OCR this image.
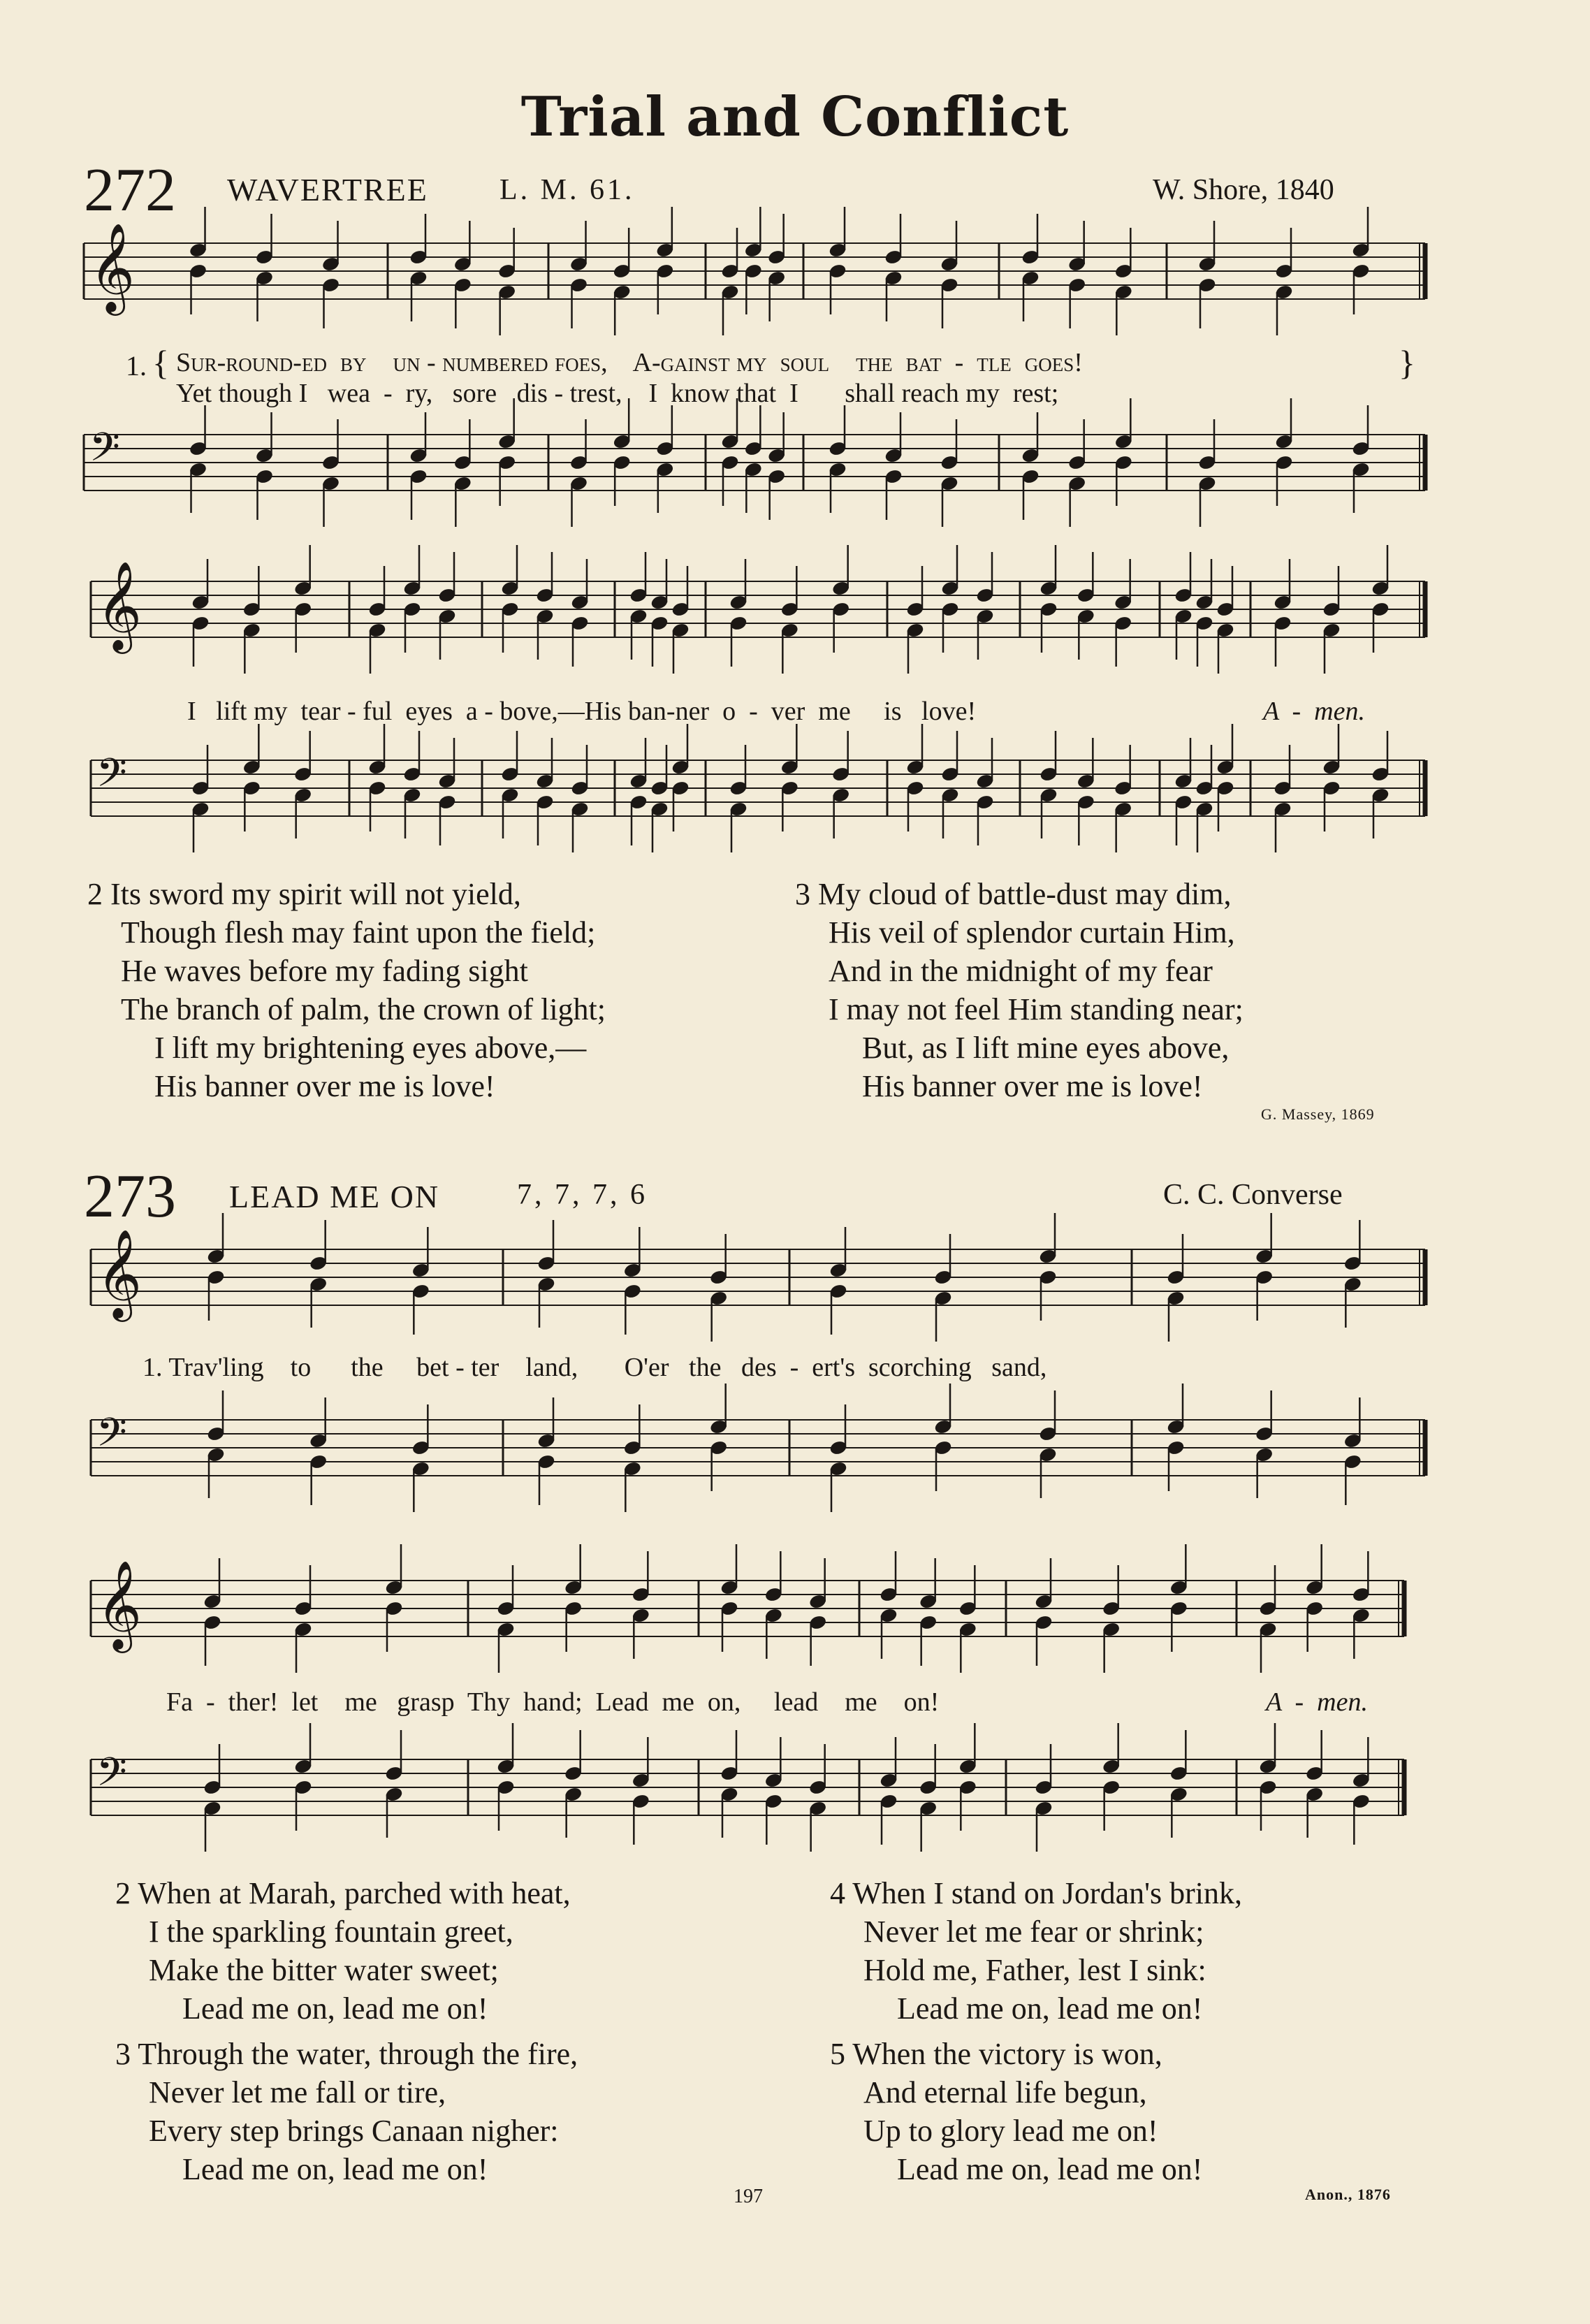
Trial and Conflict
272 WAVERTREE L. M. 61.	W. Shore, 1840
𝄞
𝄢
𝄞
𝄢
𝄞
𝄢
𝄞
𝄢
1. { Sur-round-ed  by    un - numbered foes,    A-gainst my  soul    the  bat  -  tle  goes!
Yet though I   wea  -  ry,   sore   dis - trest,    I  know that  I       shall reach my  rest;
}
I   lift my  tear - ful  eyes  a - bove,—His ban-ner  o  -  ver  me     is   love!	A  -  men.
2 Its sword my spirit will not yield,
Though flesh may faint upon the field;
He waves before my fading sight
The branch of palm, the crown of light;
I lift my brightening eyes above,—
His banner over me is love!
3 My cloud of battle-dust may dim,
His veil of splendor curtain Him,
And in the midnight of my fear
I may not feel Him standing near;
But, as I lift mine eyes above,
His banner over me is love!
G. Massey, 1869
273 LEAD ME ON	7, 7, 7, 6	C. C. Converse
1. Trav'ling    to      the     bet - ter    land,       O'er   the   des  -  ert's  scorching   sand,
Fa  -  ther!  let    me   grasp  Thy  hand;  Lead  me  on,     lead    me    on!	A  -  men.
2 When at Marah, parched with heat,
I the sparkling fountain greet,
Make the bitter water sweet;
Lead me on, lead me on!
3 Through the water, through the fire,
Never let me fall or tire,
Every step brings Canaan nigher:
Lead me on, lead me on!
4 When I stand on Jordan's brink,
Never let me fear or shrink;
Hold me, Father, lest I sink:
Lead me on, lead me on!
5 When the victory is won,
And eternal life begun,
Up to glory lead me on!
Lead me on, lead me on!
197	Anon., 1876
